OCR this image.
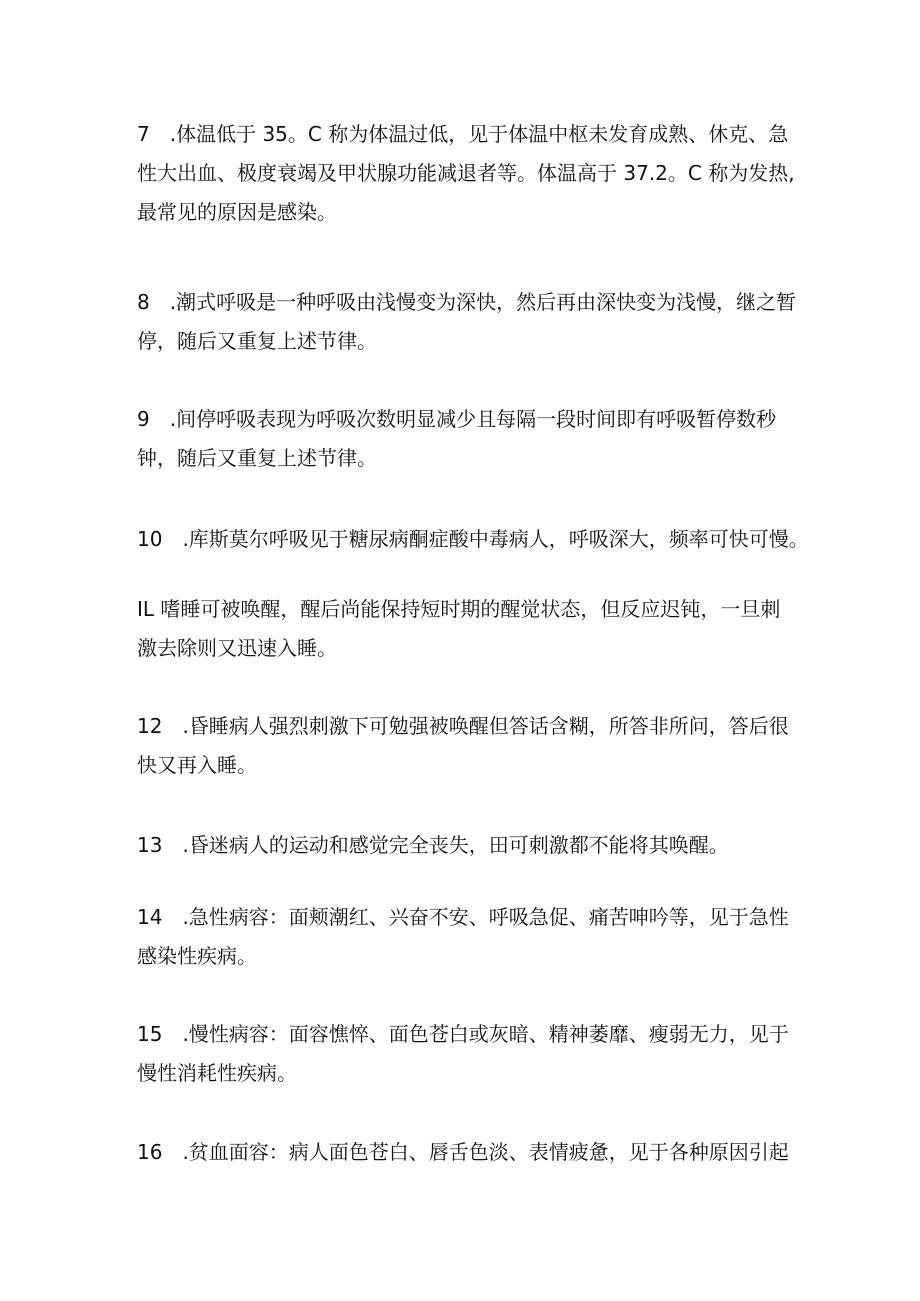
7　.体温低于 35。C 称为体温过低，见于体温中枢未发育成熟、休克、急
性大出血、极度衰竭及甲状腺功能减退者等。体温高于 37.2。C 称为发热,
最常见的原因是感染。
8　.潮式呼吸是一种呼吸由浅慢变为深快，然后再由深快变为浅慢，继之暂
停，随后又重复上述节律。
9　.间停呼吸表现为呼吸次数明显减少且每隔一段时间即有呼吸暂停数秒
钟，随后又重复上述节律。
10　.库斯莫尔呼吸见于糖尿病酮症酸中毒病人，呼吸深大，频率可快可慢。
IL 嗜睡可被唤醒，醒后尚能保持短时期的醒觉状态，但反应迟钝，一旦刺
激去除则又迅速入睡。
12　.昏睡病人强烈刺激下可勉强被唤醒但答话含糊，所答非所问，答后很
快又再入睡。
13　.昏迷病人的运动和感觉完全丧失，田可刺激都不能将其唤醒。
14　.急性病容：面颊潮红、兴奋不安、呼吸急促、痛苦呻吟等，见于急性
感染性疾病。
15　.慢性病容：面容憔悴、面色苍白或灰暗、精神萎靡、瘦弱无力，见于
慢性消耗性疾病。
16　.贫血面容：病人面色苍白、唇舌色淡、表情疲惫，见于各种原因引起
